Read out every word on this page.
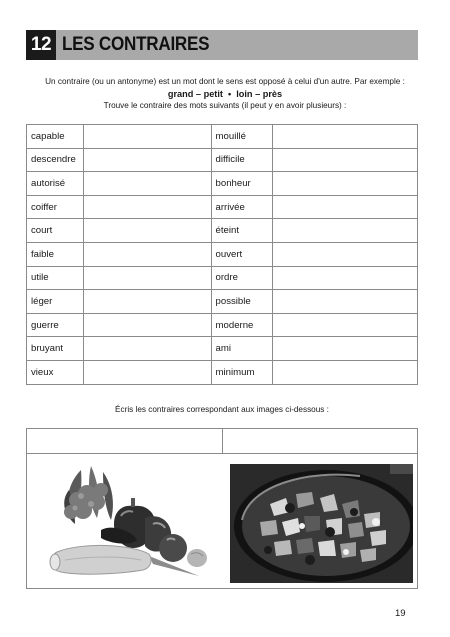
12 LES CONTRAIRES
Un contraire (ou un antonyme) est un mot dont le sens est opposé à celui d'un autre. Par exemple :
grand – petit • loin – près
Trouve le contraire des mots suivants (il peut y en avoir plusieurs) :
capable		mouillé	
descendre		difficile	
autorisé		bonheur	
coiffer		arrivée	
court		éteint	
faible		ouvert	
utile		ordre	
léger		possible	
guerre		moderne	
bruyant		ami	
vieux		minimum	
Écris les contraires correspondant aux images ci-dessous :
19
